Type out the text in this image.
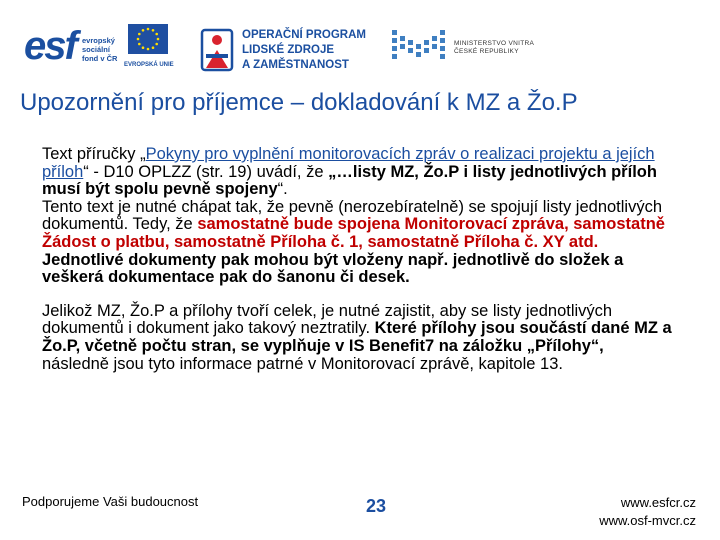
esf evropský sociální fond v ČR
EVROPSKÁ UNIE
OPERAČNÍ PROGRAM
LIDSKÉ ZDROJE
A ZAMĚSTNANOST
MINISTERSTVO VNITRA
ČESKÉ REPUBLIKY
Upozornění pro příjemce – dokladování k MZ a Žo.P

Text příručky „Pokyny pro vyplnění monitorovacích zpráv o realizaci projektu a jejích příloh“ - D10 OPLZZ (str. 19) uvádí, že „…listy MZ, Žo.P i listy jednotlivých příloh musí být spolu pevně spojeny“.

Tento text je nutné chápat tak, že pevně (nerozebíratelně) se spojují listy jednotlivých dokumentů. Tedy, že samostatně bude spojena Monitorovací zpráva, samostatně Žádost o platbu, samostatně Příloha č. 1, samostatně Příloha č. XY atd. Jednotlivé dokumenty pak mohou být vloženy např. jednotlivě do složek a veškerá dokumentace pak do šanonu či desek.

Jelikož MZ, Žo.P a přílohy tvoří celek, je nutné zajistit, aby se listy jednotlivých dokumentů i dokument jako takový neztratily. Které přílohy jsou součástí dané MZ a Žo.P, včetně počtu stran, se vyplňuje v IS Benefit7 na záložku „Přílohy“, následně jsou tyto informace patrné v Monitorovací zprávě, kapitole 13.

Podporujeme Vaši budoucnost	23	www.esfcr.cz
www.osf-mvcr.cz
